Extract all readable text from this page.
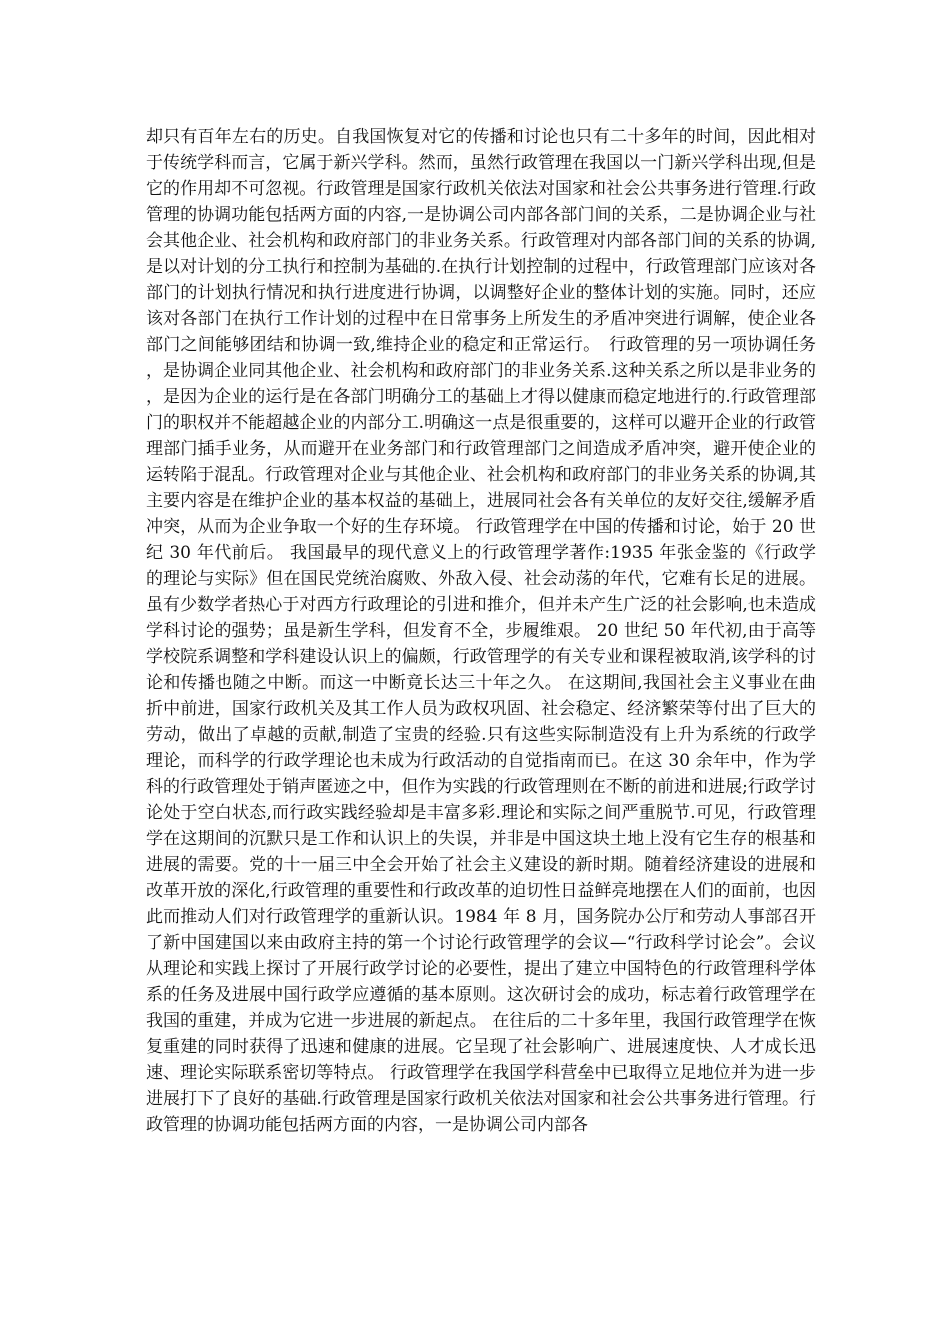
却只有百年左右的历史。自我国恢复对它的传播和讨论也只有二十多年的时间，因此相对于传统学科而言，它属于新兴学科。然而，虽然行政管理在我国以一门新兴学科出现,但是它的作用却不可忽视。行政管理是国家行政机关依法对国家和社会公共事务进行管理.行政管理的协调功能包括两方面的内容,一是协调公司内部各部门间的关系，二是协调企业与社会其他企业、社会机构和政府部门的非业务关系。行政管理对内部各部门间的关系的协调,是以对计划的分工执行和控制为基础的.在执行计划控制的过程中，行政管理部门应该对各部门的计划执行情况和执行进度进行协调，以调整好企业的整体计划的实施。同时，还应该对各部门在执行工作计划的过程中在日常事务上所发生的矛盾冲突进行调解，使企业各部门之间能够团结和协调一致,维持企业的稳定和正常运行。　行政管理的另一项协调任务，是协调企业同其他企业、社会机构和政府部门的非业务关系.这种关系之所以是非业务的，是因为企业的运行是在各部门明确分工的基础上才得以健康而稳定地进行的.行政管理部门的职权并不能超越企业的内部分工.明确这一点是很重要的，这样可以避开企业的行政管理部门插手业务，从而避开在业务部门和行政管理部门之间造成矛盾冲突，避开使企业的运转陷于混乱。行政管理对企业与其他企业、社会机构和政府部门的非业务关系的协调,其主要内容是在维护企业的基本权益的基础上，进展同社会各有关单位的友好交往,缓解矛盾冲突，从而为企业争取一个好的生存环境。 行政管理学在中国的传播和讨论，始于 20 世纪 30 年代前后。 我国最早的现代意义上的行政管理学著作:1935 年张金鉴的《行政学的理论与实际》但在国民党统治腐败、外敌入侵、社会动荡的年代，它难有长足的进展。虽有少数学者热心于对西方行政理论的引进和推介，但并未产生广泛的社会影响,也未造成学科讨论的强势；虽是新生学科，但发育不全，步履维艰。 20 世纪 50 年代初,由于高等学校院系调整和学科建设认识上的偏颇，行政管理学的有关专业和课程被取消,该学科的讨论和传播也随之中断。而这一中断竟长达三十年之久。 在这期间,我国社会主义事业在曲折中前进，国家行政机关及其工作人员为政权巩固、社会稳定、经济繁荣等付出了巨大的劳动，做出了卓越的贡献,制造了宝贵的经验.只有这些实际制造没有上升为系统的行政学理论，而科学的行政学理论也未成为行政活动的自觉指南而已。在这 30 余年中，作为学科的行政管理处于销声匿迹之中，但作为实践的行政管理则在不断的前进和进展;行政学讨论处于空白状态,而行政实践经验却是丰富多彩.理论和实际之间严重脱节.可见，行政管理学在这期间的沉默只是工作和认识上的失误，并非是中国这块土地上没有它生存的根基和进展的需要。党的十一届三中全会开始了社会主义建设的新时期。随着经济建设的进展和改革开放的深化,行政管理的重要性和行政改革的迫切性日益鲜亮地摆在人们的面前，也因此而推动人们对行政管理学的重新认识。1984 年 8 月，国务院办公厅和劳动人事部召开了新中国建国以来由政府主持的第一个讨论行政管理学的会议—“行政科学讨论会”。会议从理论和实践上探讨了开展行政学讨论的必要性，提出了建立中国特色的行政管理科学体系的任务及进展中国行政学应遵循的基本原则。这次研讨会的成功，标志着行政管理学在我国的重建，并成为它进一步进展的新起点。 在往后的二十多年里，我国行政管理学在恢复重建的同时获得了迅速和健康的进展。它呈现了社会影响广、进展速度快、人才成长迅速、理论实际联系密切等特点。 行政管理学在我国学科营垒中已取得立足地位并为进一步进展打下了良好的基础.行政管理是国家行政机关依法对国家和社会公共事务进行管理。行政管理的协调功能包括两方面的内容，一是协调公司内部各
